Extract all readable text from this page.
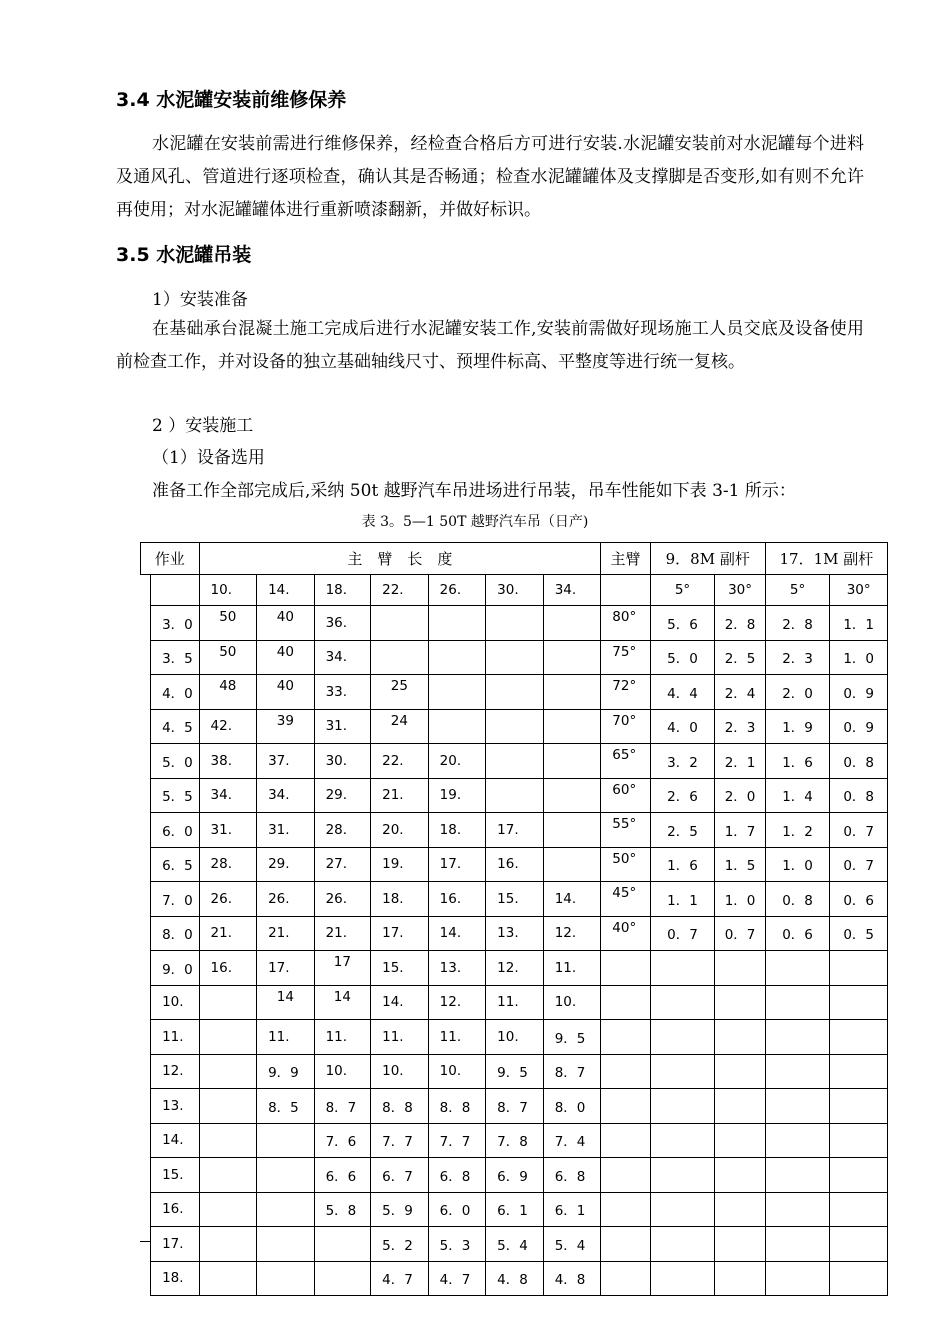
3.4 水泥罐安装前维修保养
水泥罐在安装前需进行维修保养，经检查合格后方可进行安装.水泥罐安装前对水泥罐每个进料及通风孔、管道进行逐项检查，确认其是否畅通；检查水泥罐罐体及支撑脚是否变形,如有则不允许再使用；对水泥罐罐体进行重新喷漆翻新，并做好标识。
3.5 水泥罐吊装
1）安装准备
在基础承台混凝土施工完成后进行水泥罐安装工作,安装前需做好现场施工人员交底及设备使用前检查工作，并对设备的独立基础轴线尺寸、预埋件标高、平整度等进行统一复核。
2 ）安装施工
（1）设备选用
准备工作全部完成后,采纳 50t 越野汽车吊进场进行吊装，吊车性能如下表 3-1 所示：
表 3。5—1 50T 越野汽车吊（日产)
作业		主　臂　长　度							主臂	9．8M 副杆		17．1M 副杆	
		10.	14.	18.	22.	26.	30.	34.		5°	30°	5°	30°
	3．0	50	40	36.					80°	5．6	2．8	2．8	1．1
	3．5	50	40	34.					75°	5．0	2．5	2．3	1．0
	4．0	48	40	33.	25				72°	4．4	2．4	2．0	0．9
	4．5	42.	39	31.	24				70°	4．0	2．3	1．9	0．9
	5．0	38.	37.	30.	22.	20.			65°	3．2	2．1	1．6	0．8
	5．5	34.	34.	29.	21.	19.			60°	2．6	2．0	1．4	0．8
	6．0	31.	31.	28.	20.	18.	17.		55°	2．5	1．7	1．2	0．7
	6．5	28.	29.	27.	19.	17.	16.		50°	1．6	1．5	1．0	0．7
	7．0	26.	26.	26.	18.	16.	15.	14.	45°	1．1	1．0	0．8	0．6
	8．0	21.	21.	21.	17.	14.	13.	12.	40°	0．7	0．7	0．6	0．5
	9．0	16.	17.	17	15.	13.	12.	11.					
	10.		14	14	14.	12.	11.	10.					
	11.		11.	11.	11.	11.	10.	9．5					
	12.		9．9	10.	10.	10.	9．5	8．7					
	13.		8．5	8．7	8．8	8．8	8．7	8．0					
	14.			7．6	7．7	7．7	7．8	7．4					
	15.			6．6	6．7	6．8	6．9	6．8					
	16.			5．8	5．9	6．0	6．1	6．1					
	17.				5．2	5．3	5．4	5．4					
	18.				4．7	4．7	4．8	4．8					
